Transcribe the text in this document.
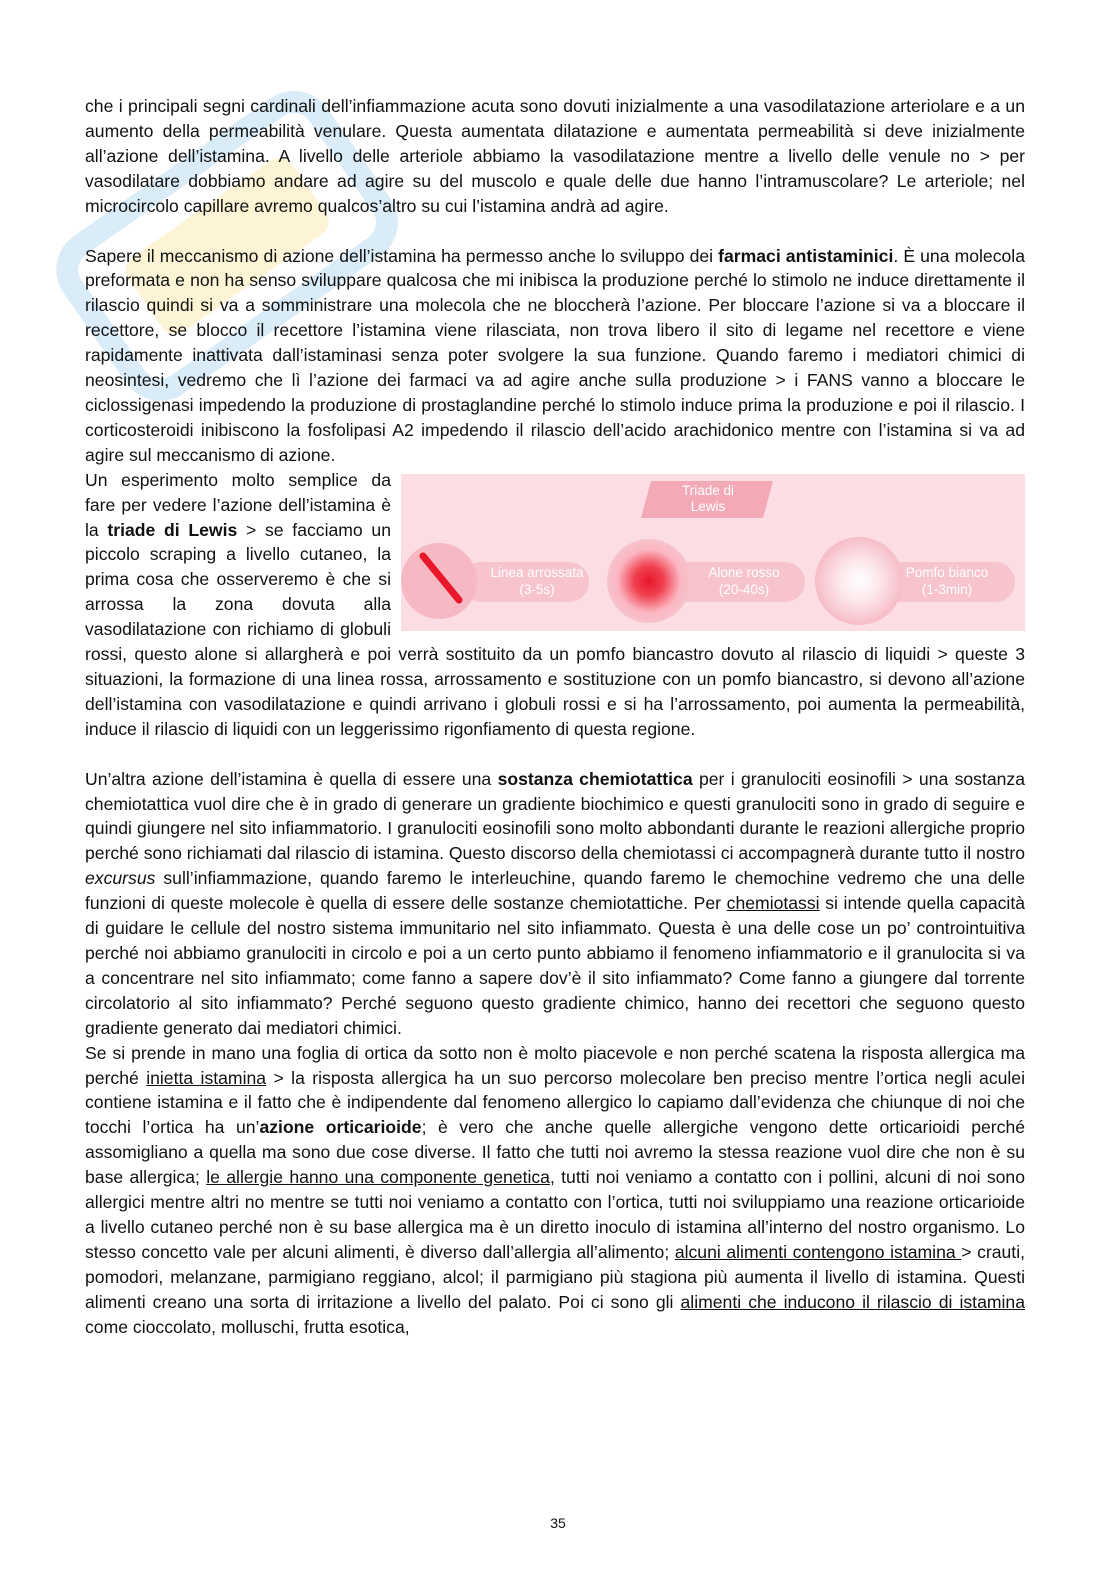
che i principali segni cardinali dell’infiammazione acuta sono dovuti inizialmente a una vasodilatazione arteriolare e a un aumento della permeabilità venulare. Questa aumentata dilatazione e aumentata permeabilità si deve inizialmente all’azione dell’istamina. A livello delle arteriole abbiamo la vasodilatazione mentre a livello delle venule no > per vasodilatare dobbiamo andare ad agire su del muscolo e quale delle due hanno l’intramuscolare? Le arteriole; nel microcircolo capillare avremo qualcos’altro su cui l’istamina andrà ad agire.

Sapere il meccanismo di azione dell’istamina ha permesso anche lo sviluppo dei farmaci antistaminici. È una molecola preformata e non ha senso sviluppare qualcosa che mi inibisca la produzione perché lo stimolo ne induce direttamente il rilascio quindi si va a somministrare una molecola che ne bloccherà l’azione. Per bloccare l’azione si va a bloccare il recettore, se blocco il recettore l’istamina viene rilasciata, non trova libero il sito di legame nel recettore e viene rapidamente inattivata dall’istaminasi senza poter svolgere la sua funzione. Quando faremo i mediatori chimici di neosintesi, vedremo che lì l’azione dei farmaci va ad agire anche sulla produzione > i FANS vanno a bloccare le ciclossigenasi impedendo la produzione di prostaglandine perché lo stimolo induce prima la produzione e poi il rilascio. I corticosteroidi inibiscono la fosfolipasi A2 impedendo il rilascio dell’acido arachidonico mentre con l’istamina si va ad agire sul meccanismo di azione.

Triade di
Lewis
Linea arrossata
(3-5s)
Alone rosso
(20-40s)
Pomfo bianco
(1-3min)

Un esperimento molto semplice da fare per vedere l’azione dell’istamina è la triade di Lewis > se facciamo un piccolo scraping a livello cutaneo, la prima cosa che osserveremo è che si arrossa la zona dovuta alla vasodilatazione con richiamo di globuli rossi, questo alone si allargherà e poi verrà sostituito da un pomfo biancastro dovuto al rilascio di liquidi > queste 3 situazioni, la formazione di una linea rossa, arrossamento e sostituzione con un pomfo biancastro, si devono all’azione dell’istamina con vasodilatazione e quindi arrivano i globuli rossi e si ha l’arrossamento, poi aumenta la permeabilità, induce il rilascio di liquidi con un leggerissimo rigonfiamento di questa regione.

Un’altra azione dell’istamina è quella di essere una sostanza chemiotattica per i granulociti eosinofili > una sostanza chemiotattica vuol dire che è in grado di generare un gradiente biochimico e questi granulociti sono in grado di seguire e quindi giungere nel sito infiammatorio. I granulociti eosinofili sono molto abbondanti durante le reazioni allergiche proprio perché sono richiamati dal rilascio di istamina. Questo discorso della chemiotassi ci accompagnerà durante tutto il nostro excursus sull’infiammazione, quando faremo le interleuchine, quando faremo le chemochine vedremo che una delle funzioni di queste molecole è quella di essere delle sostanze chemiotattiche. Per chemiotassi si intende quella capacità di guidare le cellule del nostro sistema immunitario nel sito infiammato. Questa è una delle cose un po’ controintuitiva perché noi abbiamo granulociti in circolo e poi a un certo punto abbiamo il fenomeno infiammatorio e il granulocita si va a concentrare nel sito infiammato; come fanno a sapere dov’è il sito infiammato? Come fanno a giungere dal torrente circolatorio al sito infiammato? Perché seguono questo gradiente chimico, hanno dei recettori che seguono questo gradiente generato dai mediatori chimici.

Se si prende in mano una foglia di ortica da sotto non è molto piacevole e non perché scatena la risposta allergica ma perché inietta istamina > la risposta allergica ha un suo percorso molecolare ben preciso mentre l’ortica negli aculei contiene istamina e il fatto che è indipendente dal fenomeno allergico lo capiamo dall’evidenza che chiunque di noi che tocchi l’ortica ha un’azione orticarioide; è vero che anche quelle allergiche vengono dette orticarioidi perché assomigliano a quella ma sono due cose diverse. Il fatto che tutti noi avremo la stessa reazione vuol dire che non è su base allergica; le allergie hanno una componente genetica, tutti noi veniamo a contatto con i pollini, alcuni di noi sono allergici mentre altri no mentre se tutti noi veniamo a contatto con l’ortica, tutti noi sviluppiamo una reazione orticarioide a livello cutaneo perché non è su base allergica ma è un diretto inoculo di istamina all’interno del nostro organismo. Lo stesso concetto vale per alcuni alimenti, è diverso dall’allergia all’alimento; alcuni alimenti contengono istamina > crauti, pomodori, melanzane, parmigiano reggiano, alcol; il parmigiano più stagiona più aumenta il livello di istamina. Questi alimenti creano una sorta di irritazione a livello del palato. Poi ci sono gli alimenti che inducono il rilascio di istamina come cioccolato, molluschi, frutta esotica,

35
